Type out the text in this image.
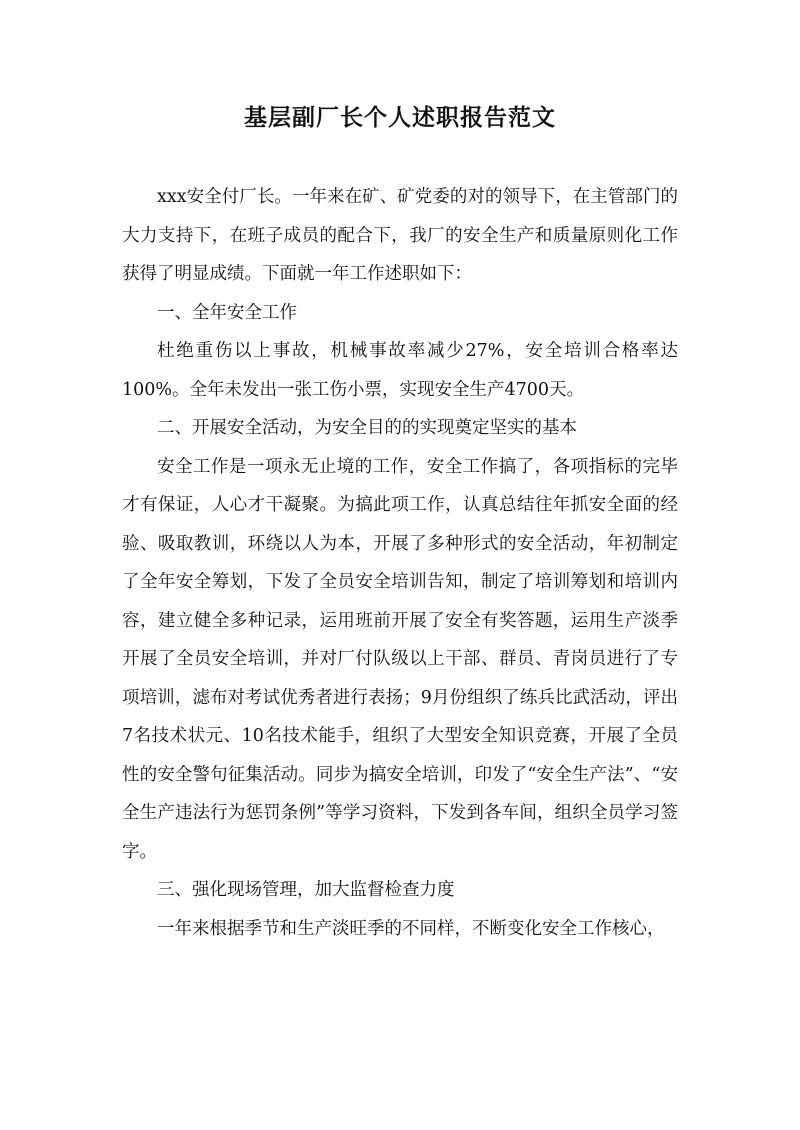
基层副厂长个人述职报告范文

xxx安全付厂长。一年来在矿、矿党委的对的领导下，在主管部门的大力支持下，在班子成员的配合下，我厂的安全生产和质量原则化工作获得了明显成绩。下面就一年工作述职如下：

一、全年安全工作

杜绝重伤以上事故，机械事故率减少27%，安全培训合格率达100%。全年未发出一张工伤小票，实现安全生产4700天。

二、开展安全活动，为安全目的的实现奠定坚实的基本

安全工作是一项永无止境的工作，安全工作搞了，各项指标的完毕才有保证，人心才干凝聚。为搞此项工作，认真总结往年抓安全面的经验、吸取教训，环绕以人为本，开展了多种形式的安全活动，年初制定了全年安全筹划，下发了全员安全培训告知，制定了培训筹划和培训内容，建立健全多种记录，运用班前开展了安全有奖答题，运用生产淡季开展了全员安全培训，并对厂付队级以上干部、群员、青岗员进行了专项培训，滤布对考试优秀者进行表扬；9月份组织了练兵比武活动，评出7名技术状元、10名技术能手，组织了大型安全知识竞赛，开展了全员性的安全警句征集活动。同步为搞安全培训，印发了“安全生产法”、“安全生产违法行为惩罚条例”等学习资料，下发到各车间，组织全员学习签字。

三、强化现场管理，加大监督检查力度

一年来根据季节和生产淡旺季的不同样，不断变化安全工作核心，
